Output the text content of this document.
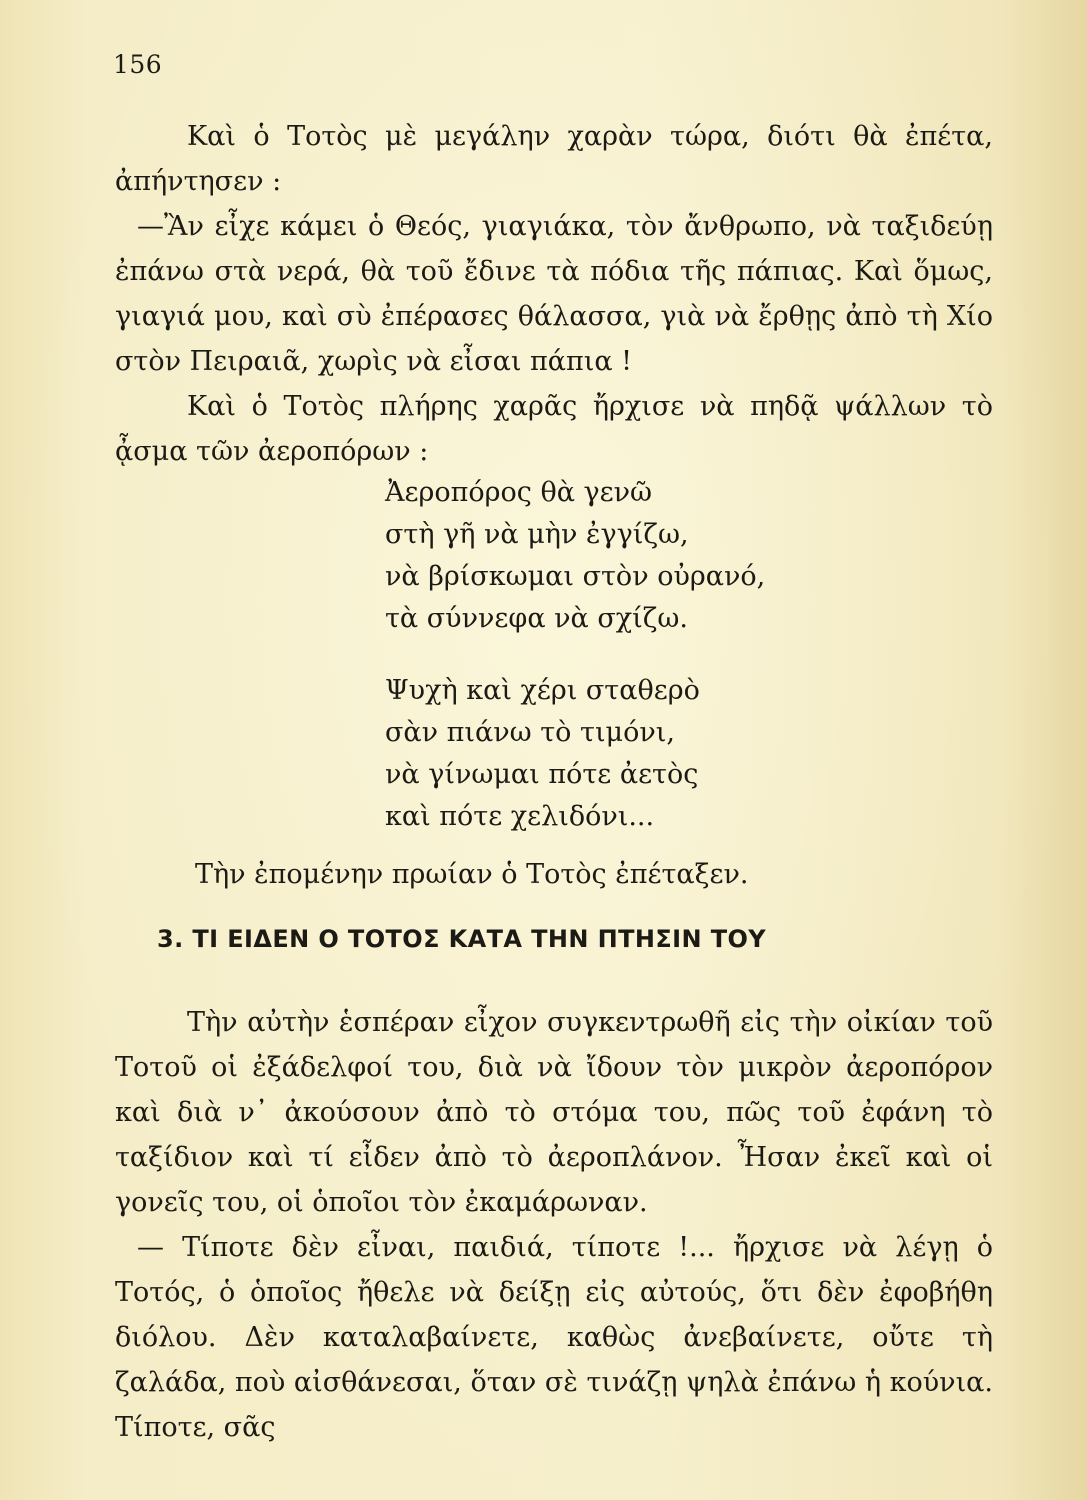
156

Καὶ ὁ Τοτὸς μὲ μεγάλην χαρὰν τώρα, διότι θὰ ἐπέτα, ἀπήντησεν :

—Ἂν εἶχε κάμει ὁ Θεός, γιαγιάκα, τὸν ἄνθρωπο, νὰ ταξιδεύῃ ἐπάνω στὰ νερά, θὰ τοῦ ἔδινε τὰ πόδια τῆς πάπιας. Καὶ ὅμως, γιαγιά μου, καὶ σὺ ἐπέρασες θάλασσα, γιὰ νὰ ἔρθῃς ἀπὸ τὴ Χίο στὸν Πειραιᾶ, χωρὶς νὰ εἶσαι πάπια !

Καὶ ὁ Τοτὸς πλήρης χαρᾶς ἤρχισε νὰ πηδᾷ ψάλλων τὸ ᾆσμα τῶν ἀεροπόρων :

Ἀεροπόρος θὰ γενῶ
στὴ γῆ νὰ μὴν ἐγγίζω,
νὰ βρίσκωμαι στὸν οὐρανό,
τὰ σύννεφα νὰ σχίζω.
Ψυχὴ καὶ χέρι σταθερὸ
σὰν πιάνω τὸ τιμόνι,
νὰ γίνωμαι πότε ἀετὸς
καὶ πότε χελιδόνι...
Τὴν ἐπομένην πρωίαν ὁ Τοτὸς ἐπέταξεν.
3. ΤΙ ΕΙΔΕΝ Ο ΤΟΤΟΣ ΚΑΤΑ ΤΗΝ ΠΤΗΣΙΝ ΤΟΥ

Τὴν αὐτὴν ἑσπέραν εἶχον συγκεντρωθῆ εἰς τὴν οἰκίαν τοῦ Τοτοῦ οἱ ἐξάδελφοί του, διὰ νὰ ἴδουν τὸν μικρὸν ἀεροπόρον καὶ διὰ ν᾿ ἀκούσουν ἀπὸ τὸ στόμα του, πῶς τοῦ ἐφάνη τὸ ταξίδιον καὶ τί εἶδεν ἀπὸ τὸ ἀεροπλάνον. Ἦσαν ἐκεῖ καὶ οἱ γονεῖς του, οἱ ὁποῖοι τὸν ἐκαμάρωναν.

— Τίποτε δὲν εἶναι, παιδιά, τίποτε !... ἤρχισε νὰ λέγῃ ὁ Τοτός, ὁ ὁποῖος ἤθελε νὰ δείξῃ εἰς αὐτούς, ὅτι δὲν ἐφοβήθη διόλου. Δὲν καταλαβαίνετε, καθὼς ἀνεβαίνετε, οὔτε τὴ ζαλάδα, ποὺ αἰσθάνεσαι, ὅταν σὲ τινάζῃ ψηλὰ ἐπάνω ἡ κούνια. Τίποτε, σᾶς
